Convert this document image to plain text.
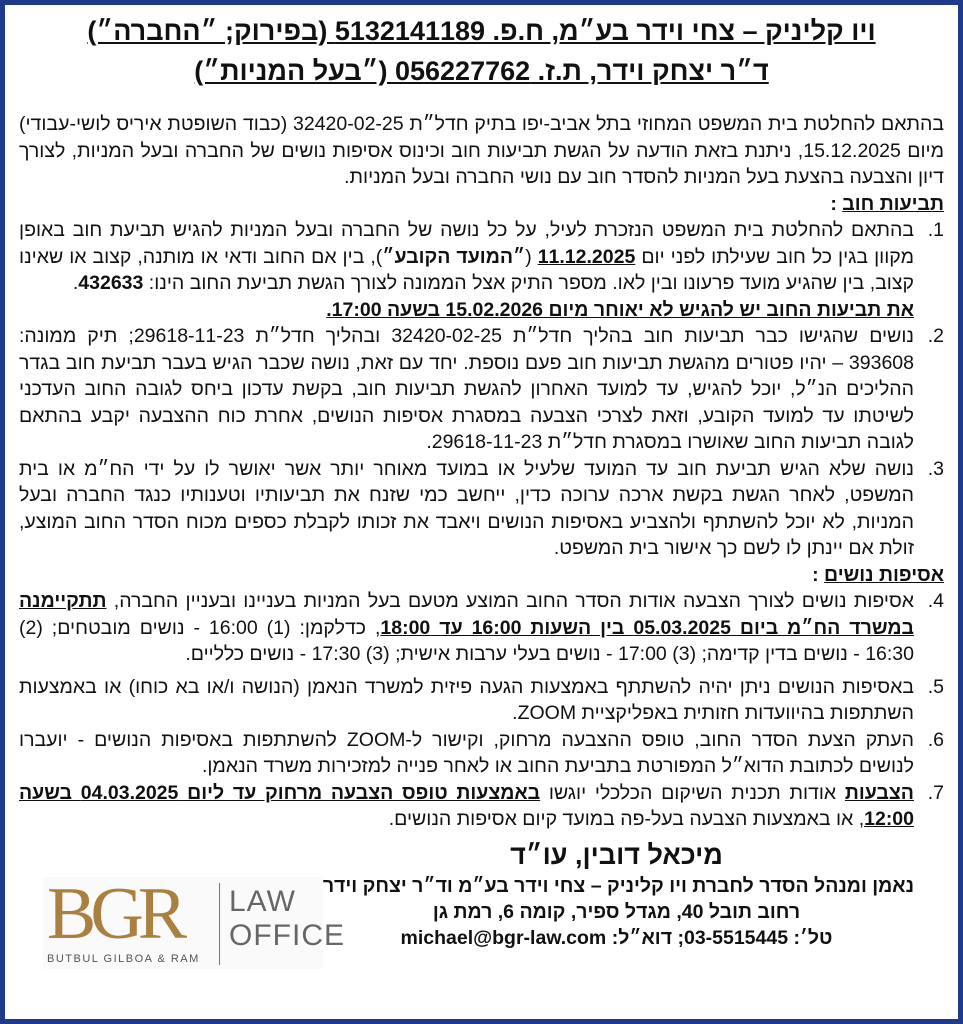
ויו קליניק – צחי וידר בע״מ, ח.פ. 5132141189 (בפירוק; ״החברה״)

ד״ר יצחק וידר, ת.ז. 056227762 (״בעל המניות״)

בהתאם להחלטת בית המשפט המחוזי בתל אביב-יפו בתיק חדל״ת 32420-02-25 (כבוד השופטת איריס לושי-עבודי) מיום 15.12.2025, ניתנת בזאת הודעה על הגשת תביעות חוב וכינוס אסיפות נושים של החברה ובעל המניות, לצורך דיון והצבעה בהצעת בעל המניות להסדר חוב עם נושי החברה ובעל המניות.

תביעות חוב :

1.
בהתאם להחלטת בית המשפט הנזכרת לעיל, על כל נושה של החברה ובעל המניות להגיש תביעת חוב באופן מקוון בגין כל חוב שעילתו לפני יום 11.12.2025 (״המועד הקובע״), בין אם החוב ודאי או מותנה, קצוב או שאינו קצוב, בין שהגיע מועד פרעונו ובין לאו. מספר התיק אצל הממונה לצורך הגשת תביעת החוב הינו: 432633.

את תביעות החוב יש להגיש לא יאוחר מיום 15.02.2026 בשעה 17:00.

2.
נושים שהגישו כבר תביעות חוב בהליך חדל״ת 32420-02-25 ובהליך חדל״ת 29618-11-23; תיק ממונה: 393608 – יהיו פטורים מהגשת תביעות חוב פעם נוספת. יחד עם זאת, נושה שכבר הגיש בעבר תביעת חוב בגדר ההליכים הנ״ל, יוכל להגיש, עד למועד האחרון להגשת תביעות חוב, בקשת עדכון ביחס לגובה החוב העדכני לשיטתו עד למועד הקובע, וזאת לצרכי הצבעה במסגרת אסיפות הנושים, אחרת כוח ההצבעה יקבע בהתאם לגובה תביעות החוב שאושרו במסגרת חדל״ת 29618-11-23.
3.
נושה שלא הגיש תביעת חוב עד המועד שלעיל או במועד מאוחר יותר אשר יאושר לו על ידי הח״מ או בית המשפט, לאחר הגשת בקשת ארכה ערוכה כדין, ייחשב כמי שזנח את תביעותיו וטענותיו כנגד החברה ובעל המניות, לא יוכל להשתתף ולהצביע באסיפות הנושים ויאבד את זכותו לקבלת כספים מכוח הסדר החוב המוצע, זולת אם יינתן לו לשם כך אישור בית המשפט.

אסיפות נושים :

4.
אסיפות נושים לצורך הצבעה אודות הסדר החוב המוצע מטעם בעל המניות בעניינו ובעניין החברה, תתקיימנה במשרד הח״מ ביום 05.03.2025 בין השעות 16:00 עד 18:00, כדלקמן: (1) 16:00 - נושים מובטחים; (2) 16:30 - נושים בדין קדימה; (3) 17:00 - נושים בעלי ערבות אישית; (3) 17:30 - נושים כלליים.
5.
באסיפות הנושים ניתן יהיה להשתתף באמצעות הגעה פיזית למשרד הנאמן (הנושה ו/או בא כוחו) או באמצעות השתתפות בהיוועדות חזותית באפליקציית ZOOM.
6.
העתק הצעת הסדר החוב, טופס ההצבעה מרחוק, וקישור ל-ZOOM להשתתפות באסיפות הנושים - יועברו לנושים לכתובת הדוא״ל המפורטת בתביעת החוב או לאחר פנייה למזכירות משרד הנאמן.
7.
הצבעות אודות תכנית השיקום הכלכלי יוגשו באמצעות טופס הצבעה מרחוק עד ליום 04.03.2025 בשעה 12:00, או באמצעות הצבעה בעל-פה במועד קיום אסיפות הנושים.
מיכאל דובין, עו״ד
נאמן ומנהל הסדר לחברת ויו קליניק – צחי וידר בע״מ וד״ר יצחק וידר
רחוב תובל 40, מגדל ספיר, קומה 6, רמת גן
טל׳: 03-5515445; דוא״ל: michael@bgr-law.com
BGR LAW
OFFICE
BUTBUL GILBOA & RAM
